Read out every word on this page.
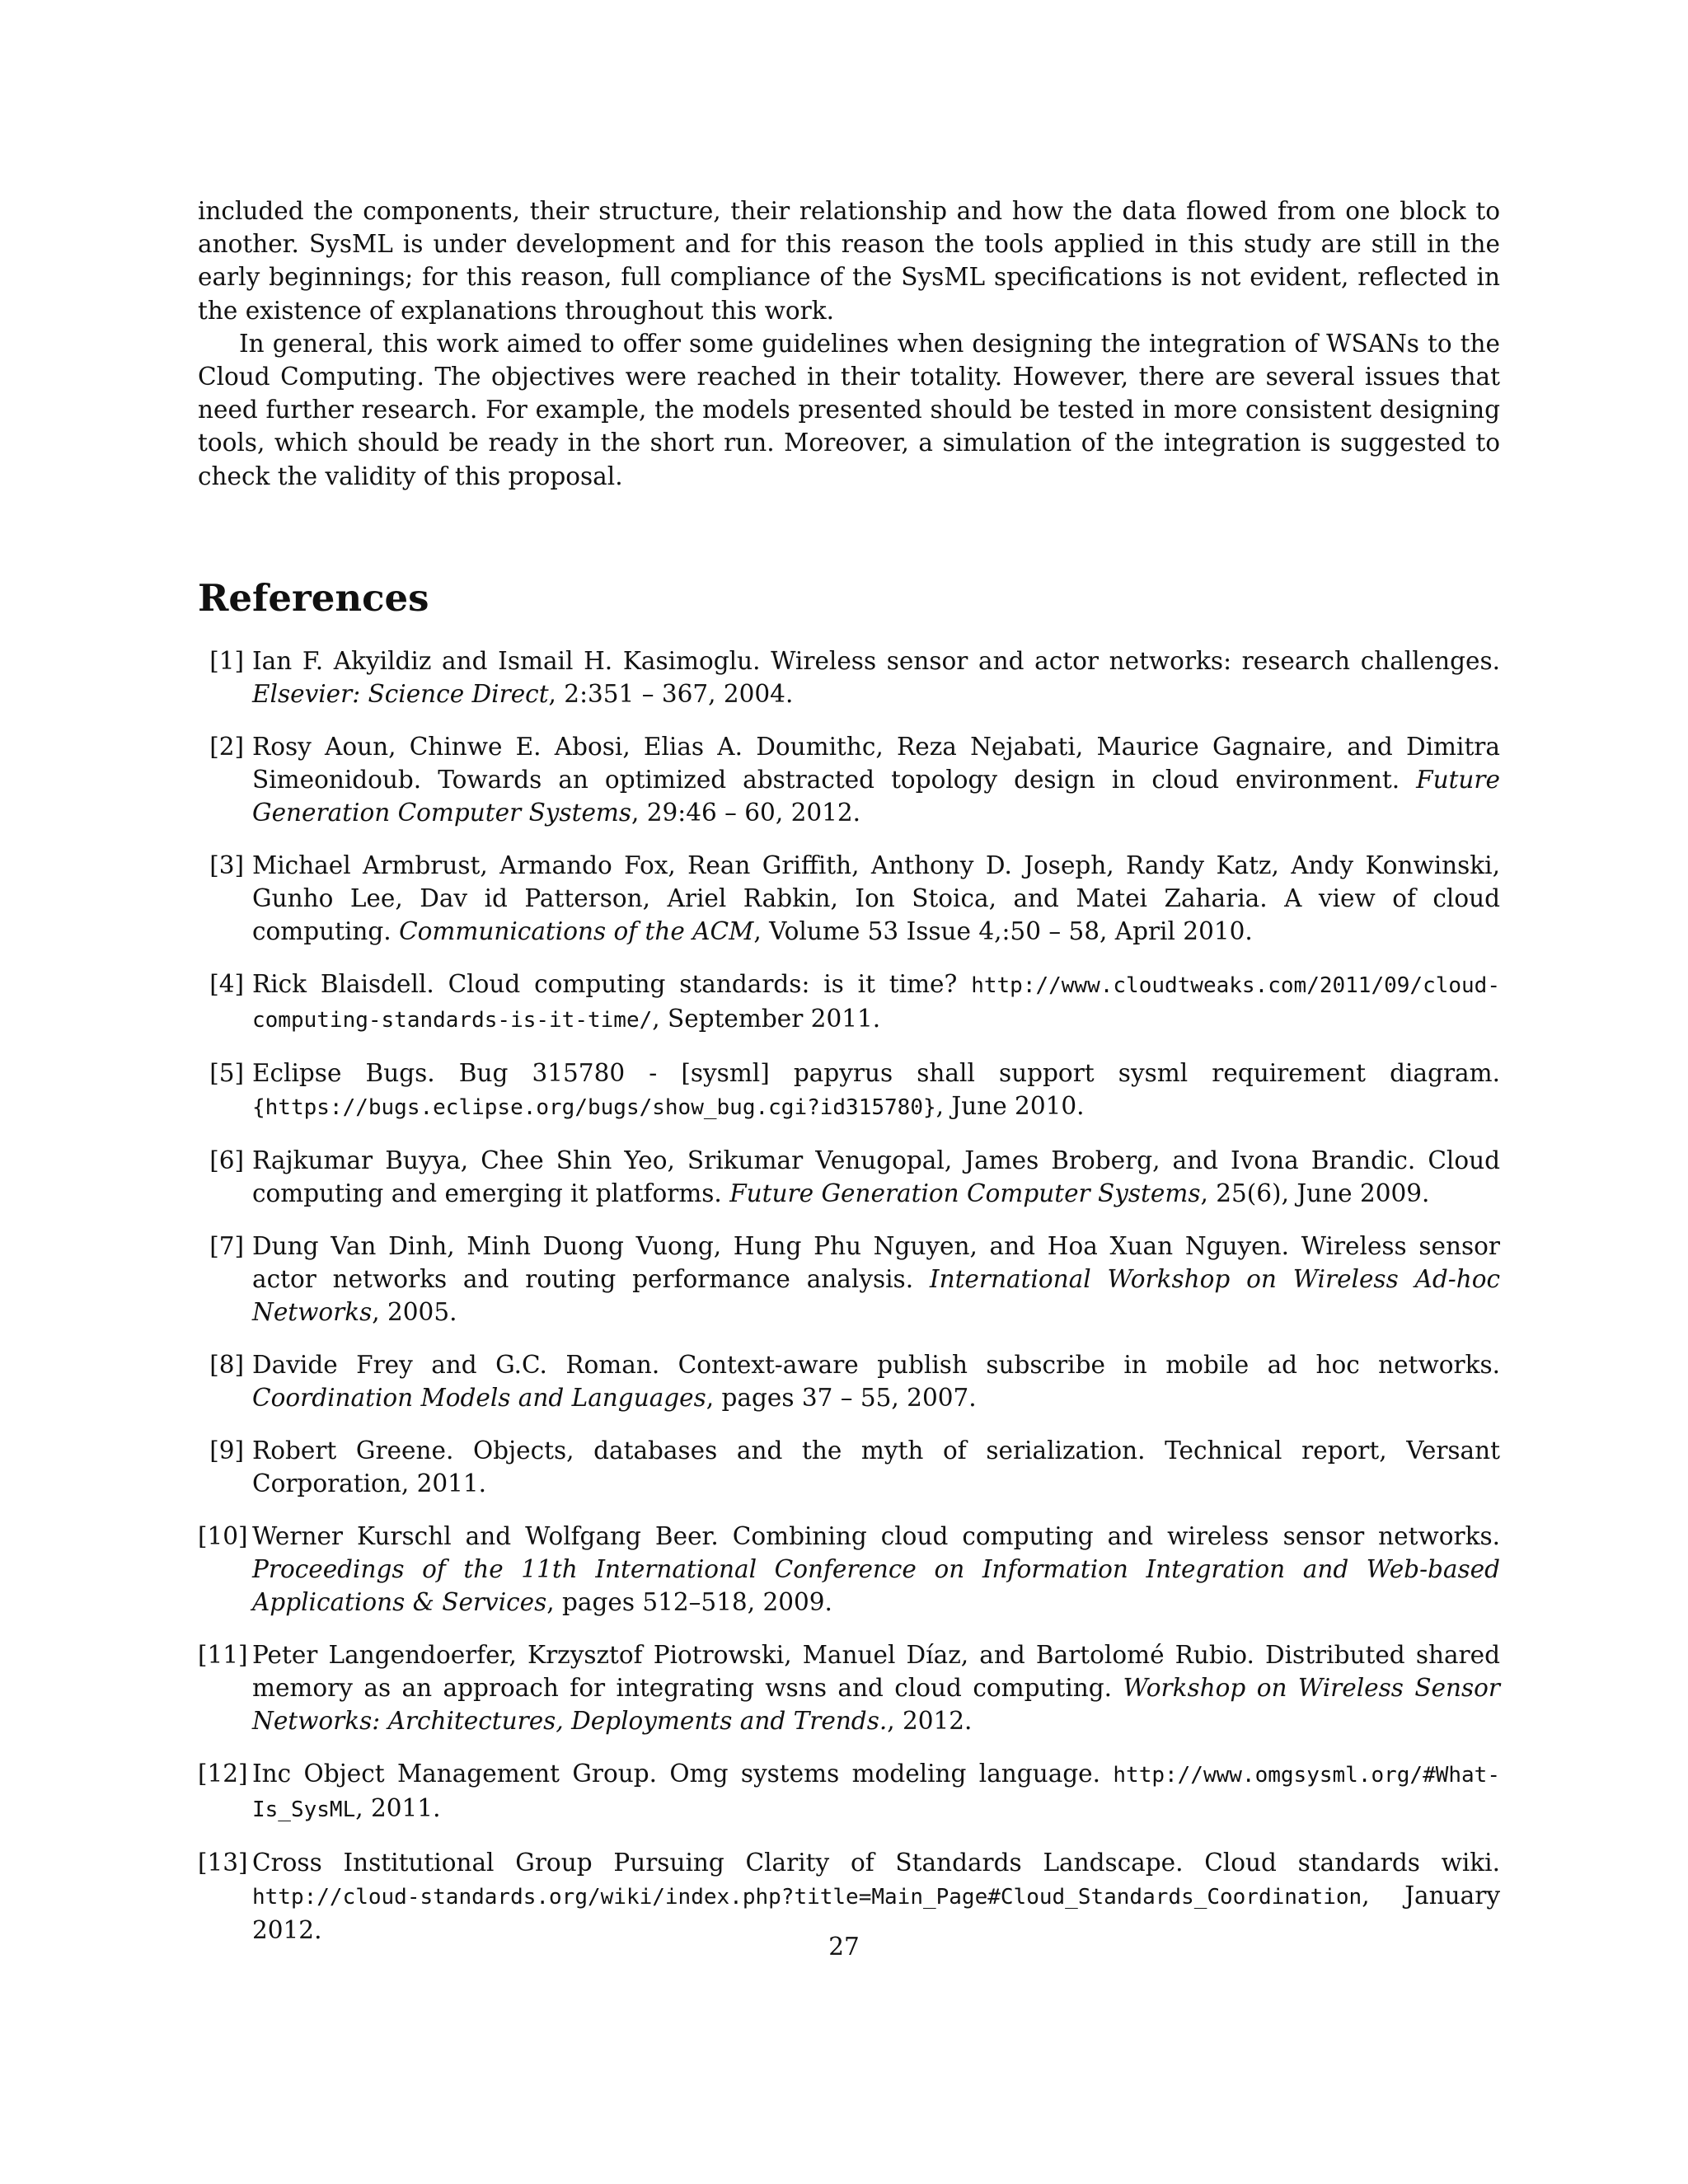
included the components, their structure, their relationship and how the data flowed from one block to another. SysML is under development and for this reason the tools applied in this study are still in the early beginnings; for this reason, full compliance of the SysML specifications is not evident, reflected in the existence of explanations throughout this work.

In general, this work aimed to offer some guidelines when designing the integration of WSANs to the Cloud Computing. The objectives were reached in their totality. However, there are several issues that need further research. For example, the models presented should be tested in more consistent designing tools, which should be ready in the short run. Moreover, a simulation of the integration is suggested to check the validity of this proposal.

References
[1] Ian F. Akyildiz and Ismail H. Kasimoglu. Wireless sensor and actor networks: research challenges. Elsevier: Science Direct, 2:351 – 367, 2004.
[2] Rosy Aoun, Chinwe E. Abosi, Elias A. Doumithc, Reza Nejabati, Maurice Gagnaire, and Dimitra Simeonidoub. Towards an optimized abstracted topology design in cloud environment. Future Generation Computer Systems, 29:46 – 60, 2012.
[3] Michael Armbrust, Armando Fox, Rean Griffith, Anthony D. Joseph, Randy Katz, Andy Konwinski, Gunho Lee, Dav id Patterson, Ariel Rabkin, Ion Stoica, and Matei Zaharia. A view of cloud computing. Communications of the ACM, Volume 53 Issue 4,:50 – 58, April 2010.
[4] Rick Blaisdell. Cloud computing standards: is it time? http://www.cloudtweaks.com/2011/09/cloud-computing-standards-is-it-time/, September 2011.
[5] Eclipse Bugs. Bug 315780 - [sysml] papyrus shall support sysml requirement diagram. {https://bugs.eclipse.org/bugs/show_bug.cgi?id315780}, June 2010.
[6] Rajkumar Buyya, Chee Shin Yeo, Srikumar Venugopal, James Broberg, and Ivona Brandic. Cloud computing and emerging it platforms. Future Generation Computer Systems, 25(6), June 2009.
[7] Dung Van Dinh, Minh Duong Vuong, Hung Phu Nguyen, and Hoa Xuan Nguyen. Wireless sensor actor networks and routing performance analysis. International Workshop on Wireless Ad-hoc Networks, 2005.
[8] Davide Frey and G.C. Roman. Context-aware publish subscribe in mobile ad hoc networks. Coordination Models and Languages, pages 37 – 55, 2007.
[9] Robert Greene. Objects, databases and the myth of serialization. Technical report, Versant Corporation, 2011.
[10] Werner Kurschl and Wolfgang Beer. Combining cloud computing and wireless sensor networks. Proceedings of the 11th International Conference on Information Integration and Web-based Applications & Services, pages 512–518, 2009.
[11] Peter Langendoerfer, Krzysztof Piotrowski, Manuel Díaz, and Bartolomé Rubio. Distributed shared memory as an approach for integrating wsns and cloud computing. Workshop on Wireless Sensor Networks: Architectures, Deployments and Trends., 2012.
[12] Inc Object Management Group. Omg systems modeling language. http://www.omgsysml.org/#What-Is_SysML, 2011.
[13] Cross Institutional Group Pursuing Clarity of Standards Landscape. Cloud standards wiki. http://cloud-standards.org/wiki/index.php?title=Main_Page#Cloud_Standards_Coordination, January 2012.
27
